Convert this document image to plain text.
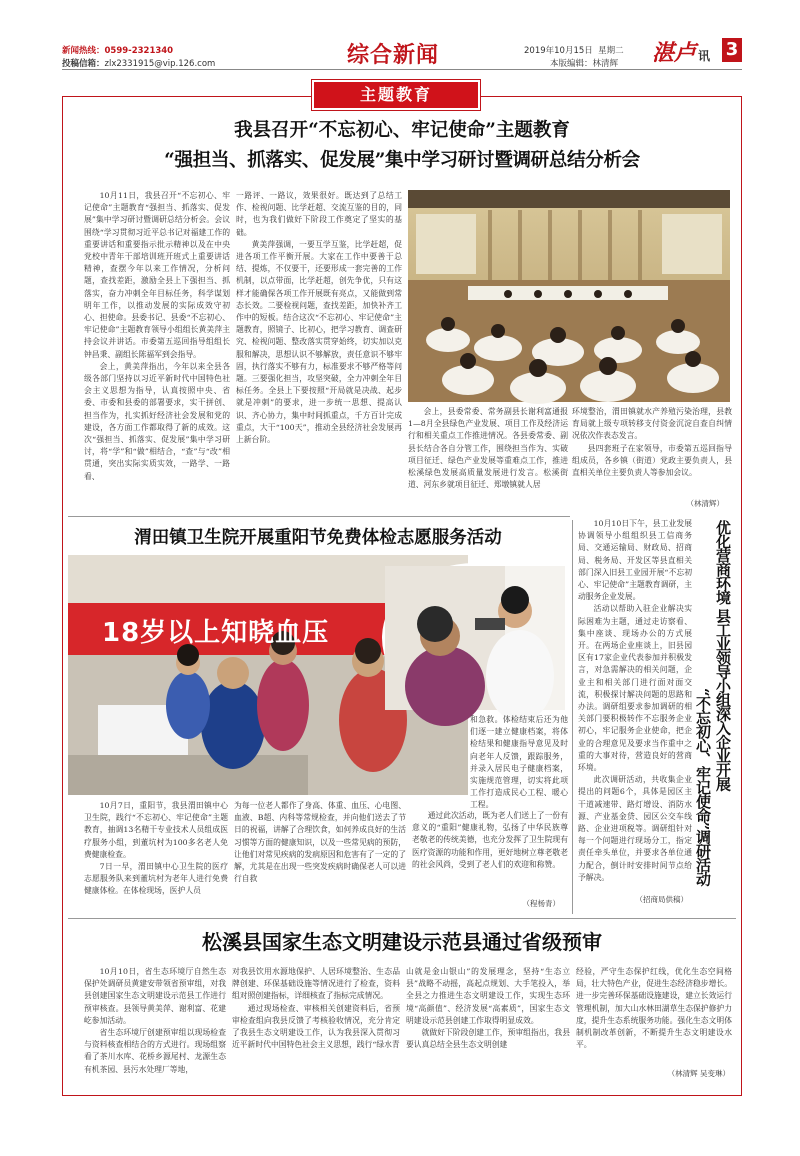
新闻热线：0599-2321340
投稿信箱：zlx2331915@vip.126.com	综合新闻	2019年10月15日 星期二
本版编辑：林清辉 湛卢 讯 3
主题教育
我县召开“不忘初心、牢记使命”主题教育
“强担当、抓落实、促发展”集中学习研讨暨调研总结分析会

10月11日，我县召开“不忘初心、牢记使命”主题教育“强担当、抓落实、促发展”集中学习研讨暨调研总结分析会。会议围绕“学习贯彻习近平总书记对福建工作的重要讲话和重要指示批示精神以及在中央党校中青年干部培训班开班式上重要讲话精神，查摆今年以来工作情况，分析问题，查找差距，激励全县上下强担当、抓落实，奋力冲刺全年目标任务，科学谋划明年工作，以推动发展的实际成效守初心、担使命。县委书记、县委“不忘初心、牢记使命”主题教育领导小组组长黄美萍主持会议并讲话。市委第五巡回指导组组长钟昌秉、副组长陈福军到会指导。

会上，黄美萍指出，今年以来全县各级各部门坚持以习近平新时代中国特色社会主义思想为指导，认真按照中央、省委、市委和县委的部署要求，实干拼创、担当作为，扎实抓好经济社会发展和党的建设，各方面工作都取得了新的成效。这次“强担当、抓落实、促发展”集中学习研讨，将“学”和“做”相结合，“查”与“改”相贯通，突出实际实质实效，一路学、一路看、

一路评、一路议，效果很好。既达到了总结工作、检视问题、比学赶超、交流互鉴的目的，同时，也为我们做好下阶段工作奠定了坚实的基础。

黄美萍强调，一要互学互鉴，比学赶超，促进各项工作平衡开展。大家在工作中要善于总结、提炼，不仅要干，还要形成一套完善的工作机制，以点带面，比学赶超，创先争优，只有这样才能确保各项工作开展既有亮点，又能做到常态长效。二要检视问题，查找差距，加快补齐工作中的短板。结合这次“不忘初心、牢记使命”主题教育，照镜子、比初心，把学习教育、调查研究、检视问题、整改落实贯穿始终，切实加以克服和解决，思想认识不够解放，责任意识不够牢固，执行落实不够有力，标准要求不够严格等问题。三要强化担当，攻坚突破，全力冲刺全年目标任务。全县上下要按照“开局就是决战、起步就是冲刺”的要求，进一步统一思想、提高认识、齐心协力，集中时间抓重点，千方百计完成重点，大干“100天”，推动全县经济社会发展再上新台阶。

会上，县委常委、常务副县长谢利富通报1—8月全县绿色产业发展、项目工作及经济运行和相关重点工作推进情况。各县委常委、副县长结合各自分管工作，围绕担当作为、实破项目征迁、绿色产业发展等重难点工作，推进松溪绿色发展高质量发展进行发言。松溪街道、河东乡就项目征迁、郑墩镇就人居

环境整治，渭田镇就水产养殖污染治理，县教育局就上级专项转移支付资金沉淀自查自纠情况依次作表态发言。

县四套班子在家领导，市委第五巡回指导组成员，各乡镇（街道）党政主要负责人，县直相关单位主要负责人等参加会议。

（林清辉）
渭田镇卫生院开展重阳节免费体检志愿服务活动
18岁以上知晓血压

和急救。体检结束后还为他们逐一建立健康档案，将体检结果和健康指导意见及时向老年人反馈，跟踪服务，并录入居民电子健康档案，实施规范管理，切实将此项工作打造成民心工程、暖心工程。

10月7日，重阳节，我县渭田镇中心卫生院，践行“不忘初心、牢记使命”主题教育，抽调13名精干专业技术人员组成医疗服务小组，到董坑村为100多名老人免费健康检查。

7日一早，渭田镇中心卫生院的医疗志愿服务队来到董坑村为老年人进行免费健康体检。在体检现场，医护人员

为每一位老人都作了身高、体重、血压、心电图、血液、B超、内科等常规检查，并向他们送去了节日的祝福，讲解了合理饮食，如何养成良好的生活习惯等方面的健康知识，以及一些常见病的预防，让他们对常见疾病的发病原因和危害有了一定的了解，尤其是在出现一些突发疾病时确保老人可以进行自救

通过此次活动，既为老人们送上了一份有意义的“重阳”健康礼物，弘扬了中华民族尊老敬老的传统美德，也充分发挥了卫生院现有医疗资源的功能和作用，更好地树立尊老敬老的社会风尚，受到了老人们的欢迎和称赞。

（程杨青）
优化营商环境 县工业领导小组深入企业开展
“不忘初心、牢记使命”调研活动

10月10日下午，县工业发展协调领导小组组织县工信商务局、交通运输局、财政局、招商局、税务局、开发区等县直相关部门深入旧县工业园开展“不忘初心、牢记使命”主题教育调研，主动服务企业发展。

活动以帮助入驻企业解决实际困难为主题，通过走访察看、集中座谈、现场办公的方式展开。在两场企业座谈上，旧县园区有17家企业代表参加并积极发言，对急需解决的相关问题，企业主和相关部门进行面对面交流，积极探讨解决问题的思路和办法。调研组要求参加调研的相关部门要积极转作不忘服务企业初心，牢记服务企业使命，把企业的合理意见及要求当作重中之重的大事对待，营造良好的营商环境。

此次调研活动，共收集企业提出的问题6个，具体是园区主干道减速带、路灯增设、消防水源、产业基金贷、园区公交车线路、企业进项税等。调研组针对每一个问题进行现场分工，指定责任牵头单位，并要求各单位通力配合，倒计时安排时间节点给予解决。

（招商局供稿）
松溪县国家生态文明建设示范县通过省级预审

10月10日，省生态环境厅自然生态保护处调研员黄建安带领省预审组，对我县创建国家生态文明建设示范县工作进行预审核查。县领导黄美萍、谢利富、花建屹参加活动。

省生态环境厅创建预审组以现场检查与资料核查相结合的方式进行。现场组察看了茶川水库、花桥乡源尾村、龙源生态有机茶园、县污水处理厂等地，

对我县饮用水源地保护、人居环境整治、生态品牌创建、环保基础设施等情况进行了检查，资料组对照创建指标，详细核查了指标完成情况。

通过现场检查、审核相关创建资料后，省预审检查组向我县反馈了考核验收情况，充分肯定了我县生态文明建设工作，认为我县深入贯彻习近平新时代中国特色社会主义思想，践行“绿水青

山就是金山银山”的发展理念，坚持“生态立县”战略不动摇，高起点规划、大手笔投入，举全县之力推进生态文明建设工作，实现生态环境“高颜值”、经济发展“高素质”，国家生态文明建设示范县创建工作取得明显成效。

就做好下阶段创建工作，预审组指出，我县要认真总结全县生态文明创建

经验，严守生态保护红线，优化生态空间格局，壮大特色产业，促进生态经济稳步增长。进一步完善环保基础设施建设，建立长效运行管理机制，加大山水林田湖草生态保护修护力度，提升生态系统服务功能。强化生态文明体制机制改革创新，不断提升生态文明建设水平。

（林清辉 吴变琳）
